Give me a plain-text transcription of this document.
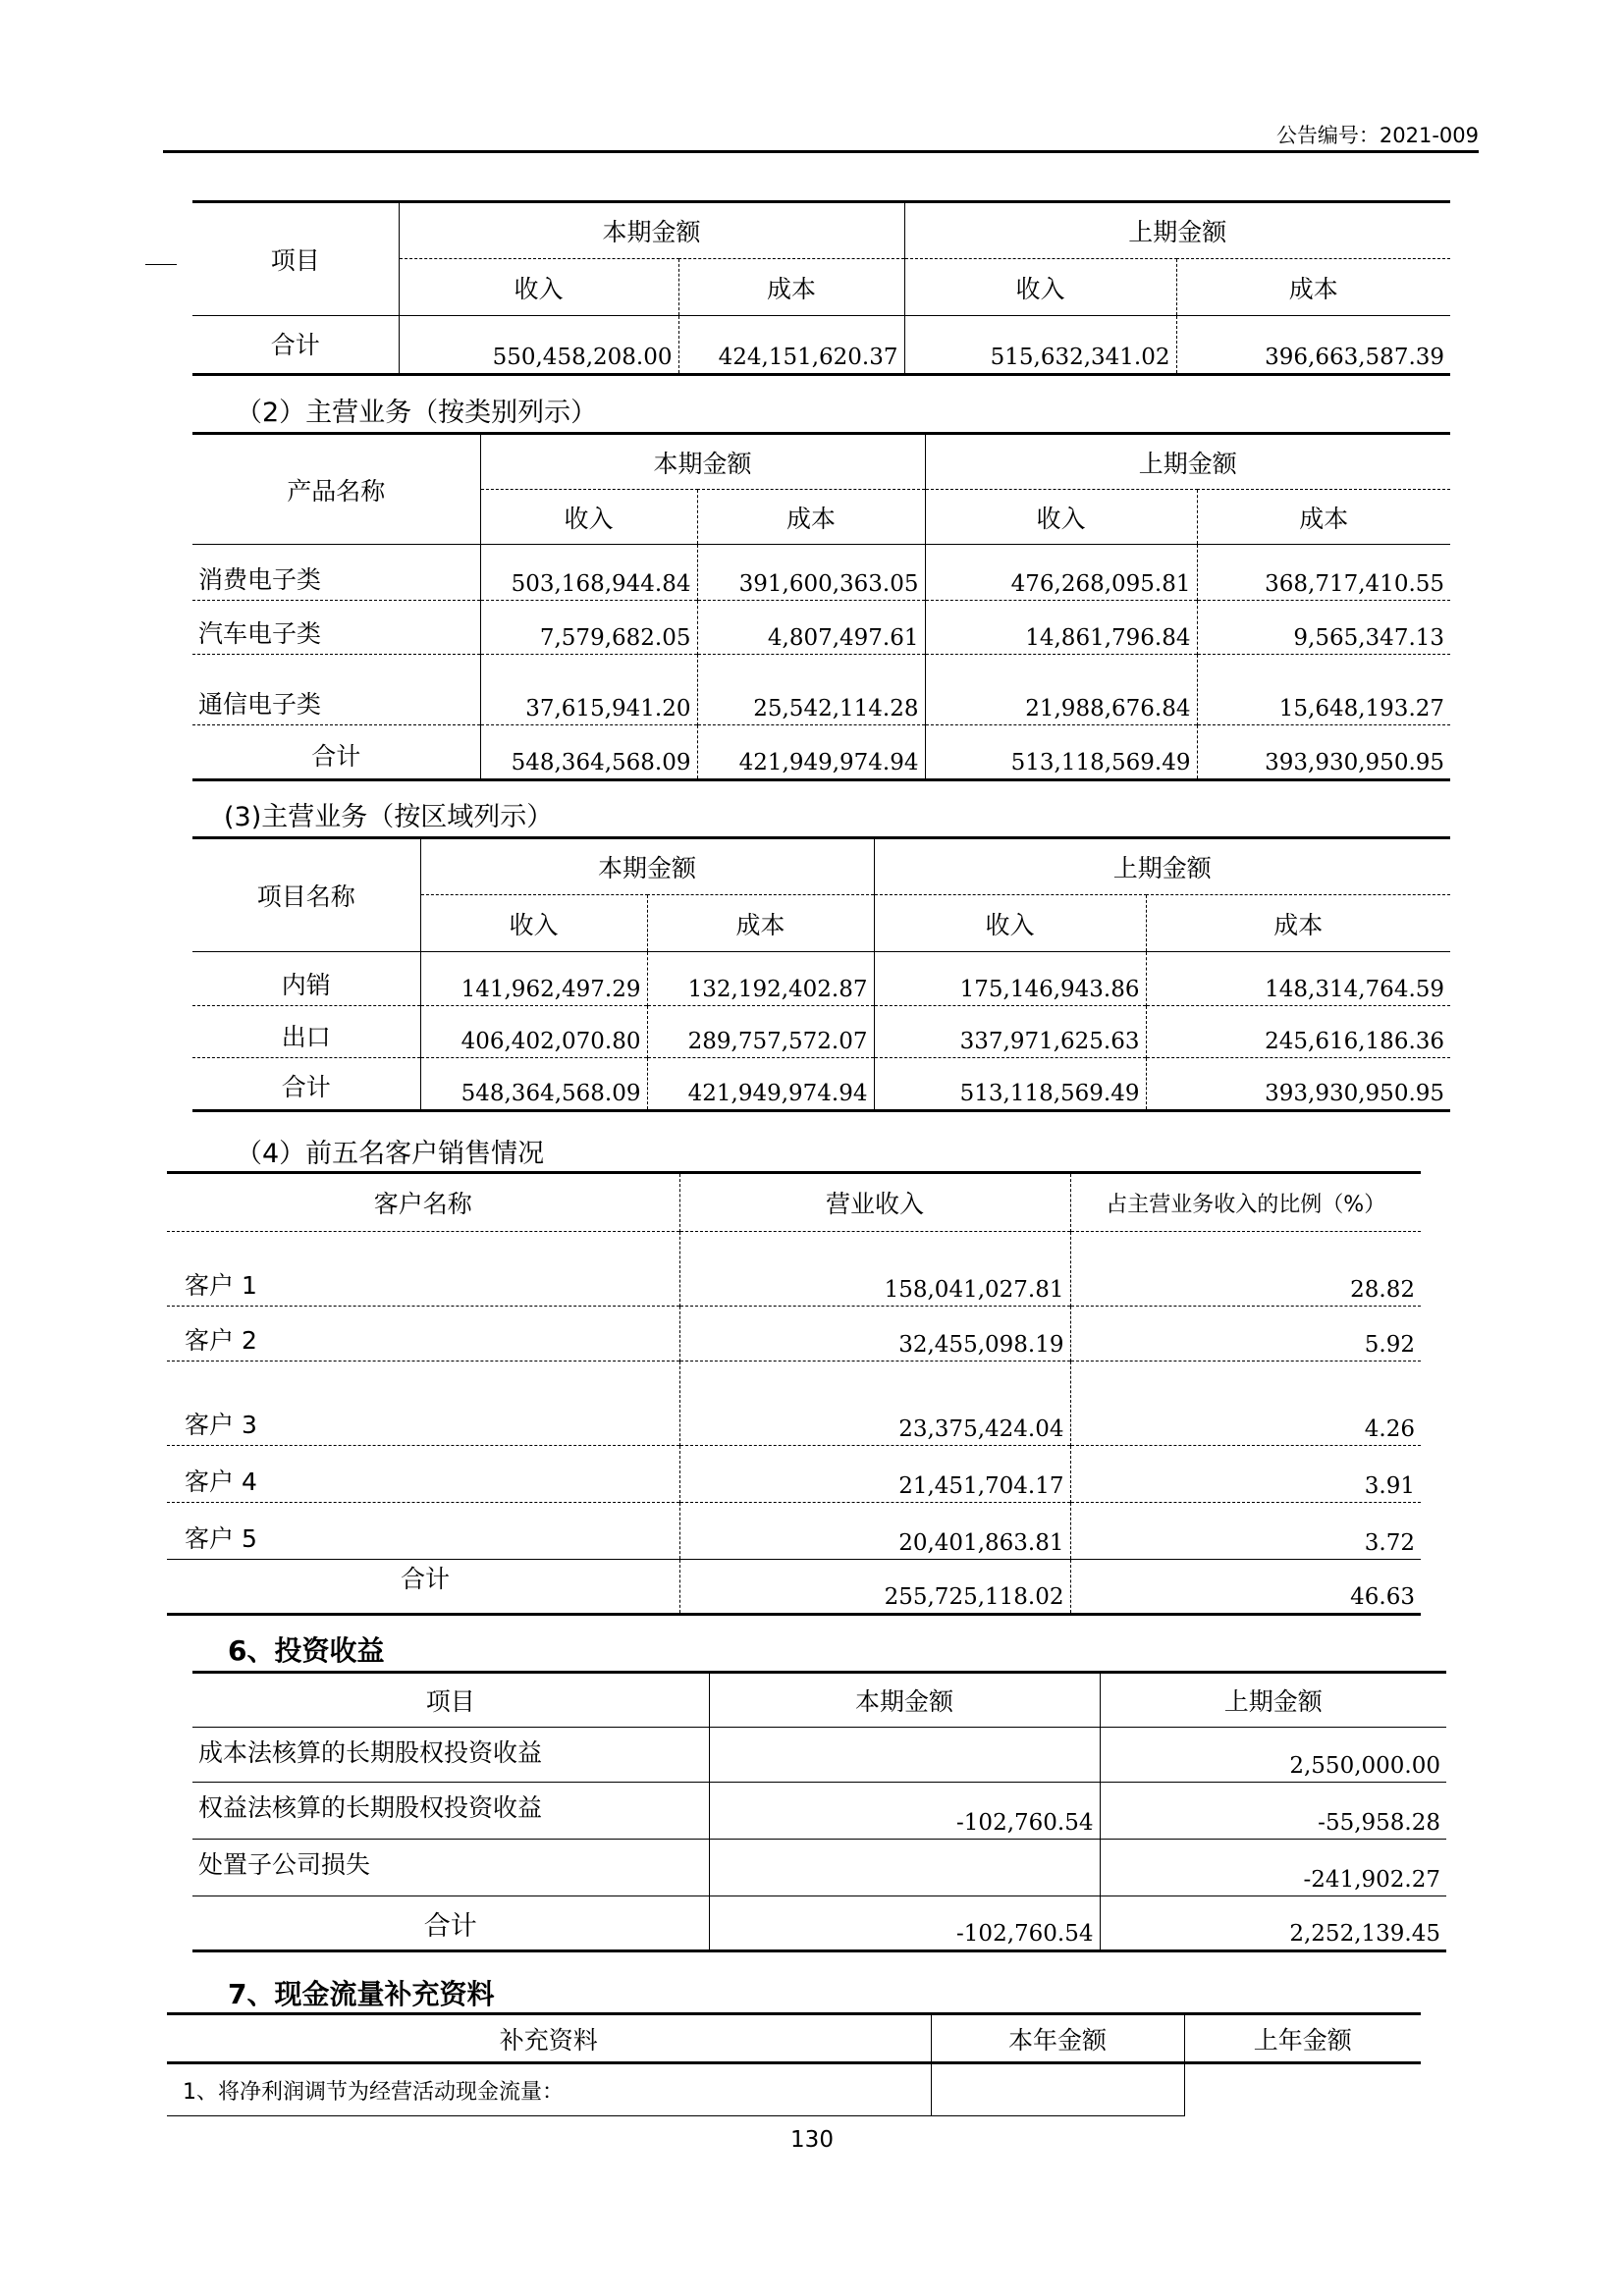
公告编号：2021-009
项目	本期金额		上期金额	
	收入	成本	收入	成本
合计	550,458,208.00	424,151,620.37	515,632,341.02	396,663,587.39
（2）主营业务（按类别列示）
产品名称	本期金额		上期金额	
	收入	成本	收入	成本
消费电子类	503,168,944.84	391,600,363.05	476,268,095.81	368,717,410.55
汽车电子类	7,579,682.05	4,807,497.61	14,861,796.84	9,565,347.13
通信电子类	37,615,941.20	25,542,114.28	21,988,676.84	15,648,193.27
合计	548,364,568.09	421,949,974.94	513,118,569.49	393,930,950.95
(3)主营业务（按区域列示）
项目名称	本期金额		上期金额	
	收入	成本	收入	成本
内销	141,962,497.29	132,192,402.87	175,146,943.86	148,314,764.59
出口	406,402,070.80	289,757,572.07	337,971,625.63	245,616,186.36
合计	548,364,568.09	421,949,974.94	513,118,569.49	393,930,950.95
（4）前五名客户销售情况
客户名称	营业收入	占主营业务收入的比例（%）
客户 1	158,041,027.81	28.82
客户 2	32,455,098.19	5.92
客户 3	23,375,424.04	4.26
客户 4	21,451,704.17	3.91
客户 5	20,401,863.81	3.72
合计	255,725,118.02	46.63
6、投资收益
项目	本期金额	上期金额
成本法核算的长期股权投资收益		2,550,000.00
权益法核算的长期股权投资收益	-102,760.54	-55,958.28
处置子公司损失		-241,902.27
合计	-102,760.54	2,252,139.45
7、现金流量补充资料
补充资料	本年金额	上年金额
1、将净利润调节为经营活动现金流量：		
130
